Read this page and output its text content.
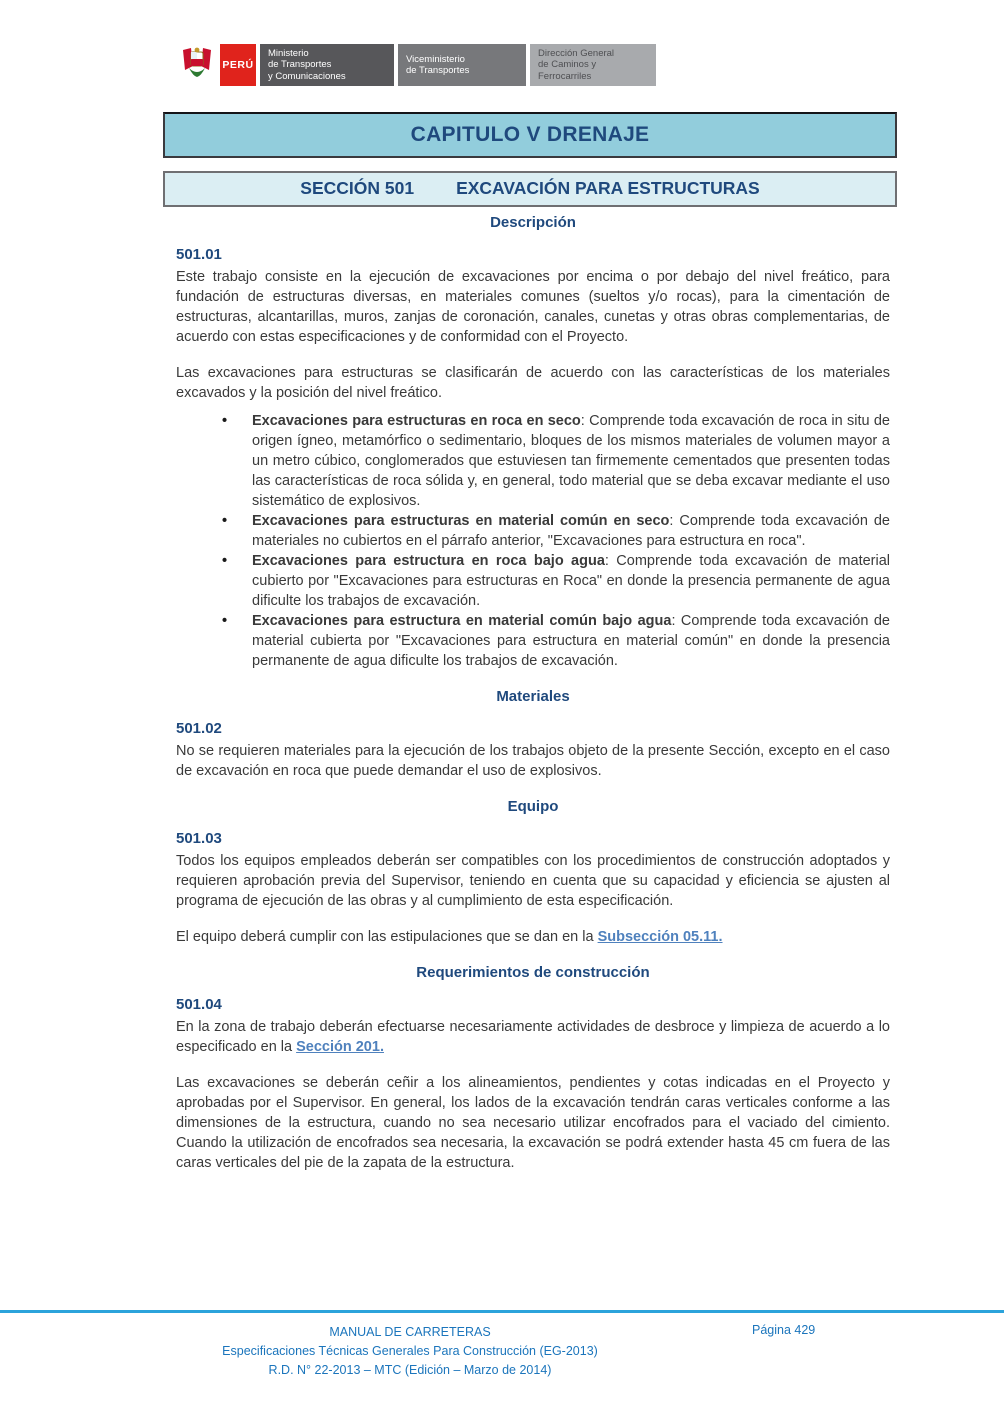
PERÚ
Ministerio
de Transportes
y Comunicaciones
Viceministerio
de Transportes
Dirección General
de Caminos y
Ferrocarriles
CAPITULO V DRENAJE
SECCIÓN 501 EXCAVACIÓN PARA ESTRUCTURAS
Descripción
501.01

Este trabajo consiste en la ejecución de excavaciones por encima o por debajo del nivel freático, para fundación de estructuras diversas, en materiales comunes (sueltos y/o rocas), para la cimentación de estructuras, alcantarillas, muros, zanjas de coronación, canales, cunetas y otras obras complementarias, de acuerdo con estas especificaciones y de conformidad con el Proyecto.

Las excavaciones para estructuras se clasificarán de acuerdo con las características de los materiales excavados y la posición del nivel freático.

• Excavaciones para estructuras en roca en seco: Comprende toda excavación de roca in situ de origen ígneo, metamórfico o sedimentario, bloques de los mismos materiales de volumen mayor a un metro cúbico, conglomerados que estuviesen tan firmemente cementados que presenten todas las características de roca sólida y, en general, todo material que se deba excavar mediante el uso sistemático de explosivos.
• Excavaciones para estructuras en material común en seco: Comprende toda excavación de materiales no cubiertos en el párrafo anterior, "Excavaciones para estructura en roca".
• Excavaciones para estructura en roca bajo agua: Comprende toda excavación de material cubierto por "Excavaciones para estructuras en Roca" en donde la presencia permanente de agua dificulte los trabajos de excavación.
• Excavaciones para estructura en material común bajo agua: Comprende toda excavación de material cubierta por "Excavaciones para estructura en material común" en donde la presencia permanente de agua dificulte los trabajos de excavación.
Materiales
501.02

No se requieren materiales para la ejecución de los trabajos objeto de la presente Sección, excepto en el caso de excavación en roca que puede demandar el uso de explosivos.

Equipo
501.03

Todos los equipos empleados deberán ser compatibles con los procedimientos de construcción adoptados y requieren aprobación previa del Supervisor, teniendo en cuenta que su capacidad y eficiencia se ajusten al programa de ejecución de las obras y al cumplimiento de esta especificación.

El equipo deberá cumplir con las estipulaciones que se dan en la Subsección 05.11.

Requerimientos de construcción
501.04

En la zona de trabajo deberán efectuarse necesariamente actividades de desbroce y limpieza de acuerdo a lo especificado en la Sección 201.

Las excavaciones se deberán ceñir a los alineamientos, pendientes y cotas indicadas en el Proyecto y aprobadas por el Supervisor. En general, los lados de la excavación tendrán caras verticales conforme a las dimensiones de la estructura, cuando no sea necesario utilizar encofrados para el vaciado del cimiento. Cuando la utilización de encofrados sea necesaria, la excavación se podrá extender hasta 45 cm fuera de las caras verticales del pie de la zapata de la estructura.

MANUAL DE CARRETERAS
Especificaciones Técnicas Generales Para Construcción (EG-2013)
R.D. N° 22-2013 – MTC (Edición – Marzo de 2014)
Página 429
